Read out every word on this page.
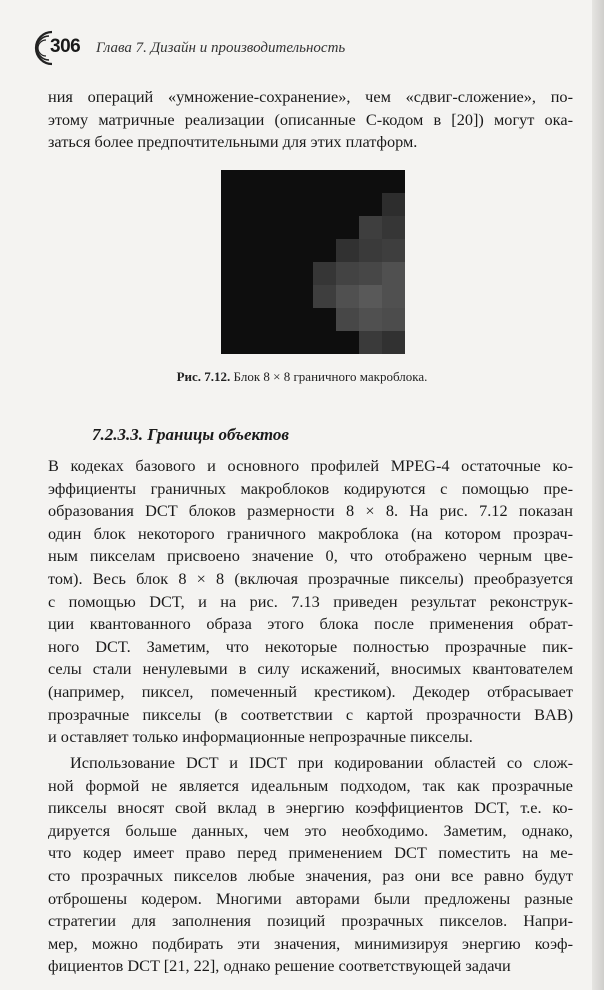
306 Глава 7. Дизайн и производительность
ния операций «умножение-сохранение», чем «сдвиг-сложение», по-
этому матричные реализации (описанные С-кодом в [20]) могут ока-
заться более предпочтительными для этих платформ.
Рис. 7.12. Блок 8 × 8 граничного макроблока.
7.2.3.3. Границы объектов
В кодеках базового и основного профилей MPEG-4 остаточные ко-
эффициенты граничных макроблоков кодируются с помощью пре-
образования DCT блоков размерности 8 × 8. На рис. 7.12 показан
один блок некоторого граничного макроблока (на котором прозрач-
ным пикселам присвоено значение 0, что отображено черным цве-
том). Весь блок 8 × 8 (включая прозрачные пикселы) преобразуется
с помощью DCT, и на рис. 7.13 приведен результат реконструк-
ции квантованного образа этого блока после применения обрат-
ного DCT. Заметим, что некоторые полностью прозрачные пик-
селы стали ненулевыми в силу искажений, вносимых квантователем
(например, пиксел, помеченный крестиком). Декодер отбрасывает
прозрачные пикселы (в соответствии с картой прозрачности BAB)
и оставляет только информационные непрозрачные пикселы.
Использование DCT и IDCT при кодировании областей со слож-
ной формой не является идеальным подходом, так как прозрачные
пикселы вносят свой вклад в энергию коэффициентов DCT, т.е. ко-
дируется больше данных, чем это необходимо. Заметим, однако,
что кодер имеет право перед применением DCT поместить на ме-
сто прозрачных пикселов любые значения, раз они все равно будут
отброшены кодером. Многими авторами были предложены разные
стратегии для заполнения позиций прозрачных пикселов. Напри-
мер, можно подбирать эти значения, минимизируя энергию коэф-
фициентов DCT [21, 22], однако решение соответствующей задачи
